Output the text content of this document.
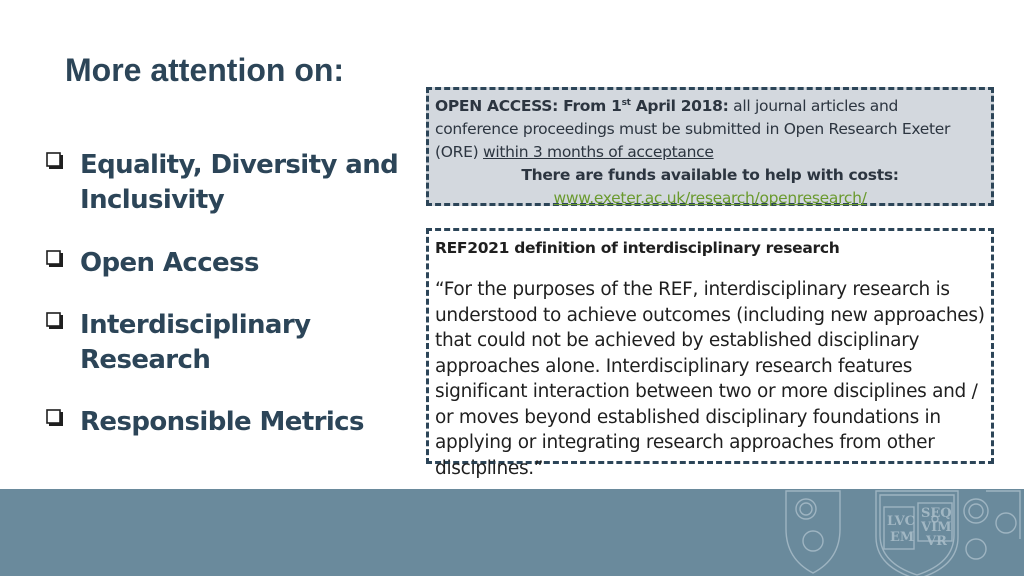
More attention on:
Equality, Diversity and
Inclusivity
Open Access
Interdisciplinary
Research
Responsible Metrics
OPEN ACCESS: From 1st April 2018: all journal articles and conference proceedings must be submitted in Open Research Exeter (ORE) within 3 months of acceptance
There are funds available to help with costs:
www.exeter.ac.uk/research/openresearch/

REF2021 definition of interdisciplinary research

“For the purposes of the REF, interdisciplinary research is understood to achieve outcomes (including new approaches) that could not be achieved by established disciplinary approaches alone. Interdisciplinary research features significant interaction between two or more disciplines and / or moves beyond established disciplinary foundations in applying or integrating research approaches from other disciplines.”

LVC
EM
SEQ
VIM
VR
